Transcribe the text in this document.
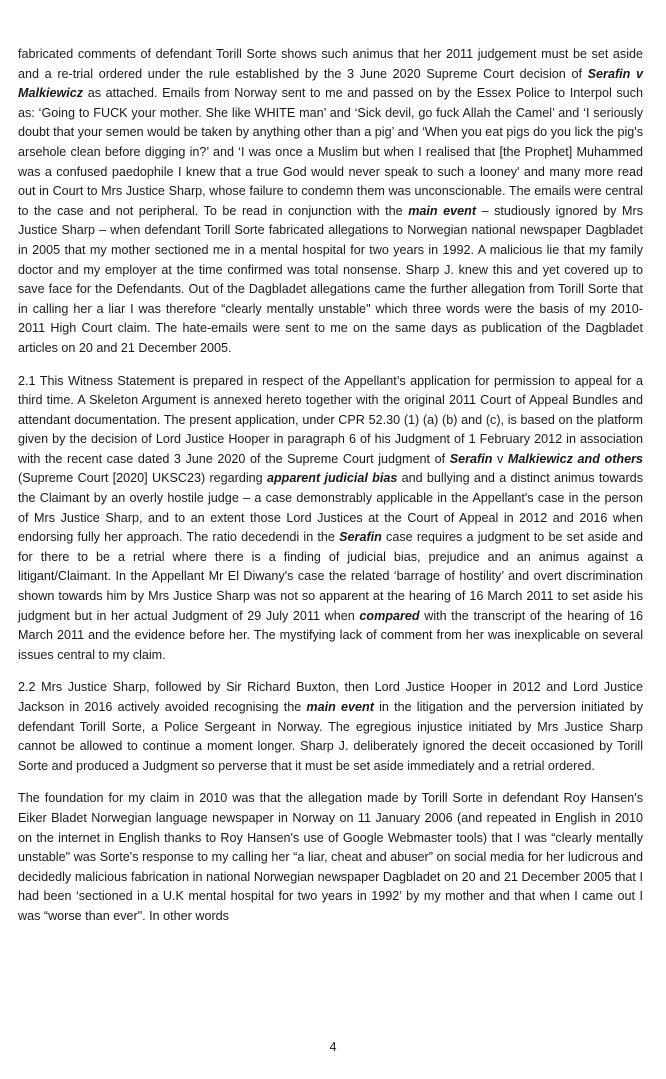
fabricated comments of defendant Torill Sorte shows such animus that her 2011 judgement must be set aside and a re-trial ordered under the rule established by the 3 June 2020 Supreme Court decision of Serafin v Malkiewicz as attached. Emails from Norway sent to me and passed on by the Essex Police to Interpol such as: ‘Going to FUCK your mother. She like WHITE man’ and ‘Sick devil, go fuck Allah the Camel’ and ‘I seriously doubt that your semen would be taken by anything other than a pig’ and ‘When you eat pigs do you lick the pig's arsehole clean before digging in?’ and ‘I was once a Muslim but when I realised that [the Prophet] Muhammed was a confused paedophile I knew that a true God would never speak to such a looney' and many more read out in Court to Mrs Justice Sharp, whose failure to condemn them was unconscionable. The emails were central to the case and not peripheral. To be read in conjunction with the main event – studiously ignored by Mrs Justice Sharp – when defendant Torill Sorte fabricated allegations to Norwegian national newspaper Dagbladet in 2005 that my mother sectioned me in a mental hospital for two years in 1992. A malicious lie that my family doctor and my employer at the time confirmed was total nonsense. Sharp J. knew this and yet covered up to save face for the Defendants. Out of the Dagbladet allegations came the further allegation from Torill Sorte that in calling her a liar I was therefore “clearly mentally unstable" which three words were the basis of my 2010-2011 High Court claim. The hate-emails were sent to me on the same days as publication of the Dagbladet articles on 20 and 21 December 2005.

2.1 This Witness Statement is prepared in respect of the Appellant’s application for permission to appeal for a third time. A Skeleton Argument is annexed hereto together with the original 2011 Court of Appeal Bundles and attendant documentation. The present application, under CPR 52.30 (1) (a) (b) and (c), is based on the platform given by the decision of Lord Justice Hooper in paragraph 6 of his Judgment of 1 February 2012 in association with the recent case dated 3 June 2020 of the Supreme Court judgment of Serafin v Malkiewicz and others (Supreme Court [2020] UKSC23) regarding apparent judicial bias and bullying and a distinct animus towards the Claimant by an overly hostile judge – a case demonstrably applicable in the Appellant's case in the person of Mrs Justice Sharp, and to an extent those Lord Justices at the Court of Appeal in 2012 and 2016 when endorsing fully her approach. The ratio decedendi in the Serafin case requires a judgment to be set aside and for there to be a retrial where there is a finding of judicial bias, prejudice and an animus against a litigant/Claimant. In the Appellant Mr El Diwany's case the related ‘barrage of hostility’ and overt discrimination shown towards him by Mrs Justice Sharp was not so apparent at the hearing of 16 March 2011 to set aside his judgment but in her actual Judgment of 29 July 2011 when compared with the transcript of the hearing of 16 March 2011 and the evidence before her. The mystifying lack of comment from her was inexplicable on several issues central to my claim.

2.2 Mrs Justice Sharp, followed by Sir Richard Buxton, then Lord Justice Hooper in 2012 and Lord Justice Jackson in 2016 actively avoided recognising the main event in the litigation and the perversion initiated by defendant Torill Sorte, a Police Sergeant in Norway. The egregious injustice initiated by Mrs Justice Sharp cannot be allowed to continue a moment longer. Sharp J. deliberately ignored the deceit occasioned by Torill Sorte and produced a Judgment so perverse that it must be set aside immediately and a retrial ordered.

The foundation for my claim in 2010 was that the allegation made by Torill Sorte in defendant Roy Hansen's Eiker Bladet Norwegian language newspaper in Norway on 11 January 2006 (and repeated in English in 2010 on the internet in English thanks to Roy Hansen's use of Google Webmaster tools) that I was “clearly mentally unstable" was Sorte's response to my calling her “a liar, cheat and abuser” on social media for her ludicrous and decidedly malicious fabrication in national Norwegian newspaper Dagbladet on 20 and 21 December 2005 that I had been ‘sectioned in a U.K mental hospital for two years in 1992’ by my mother and that when I came out I was “worse than ever". In other words

4
